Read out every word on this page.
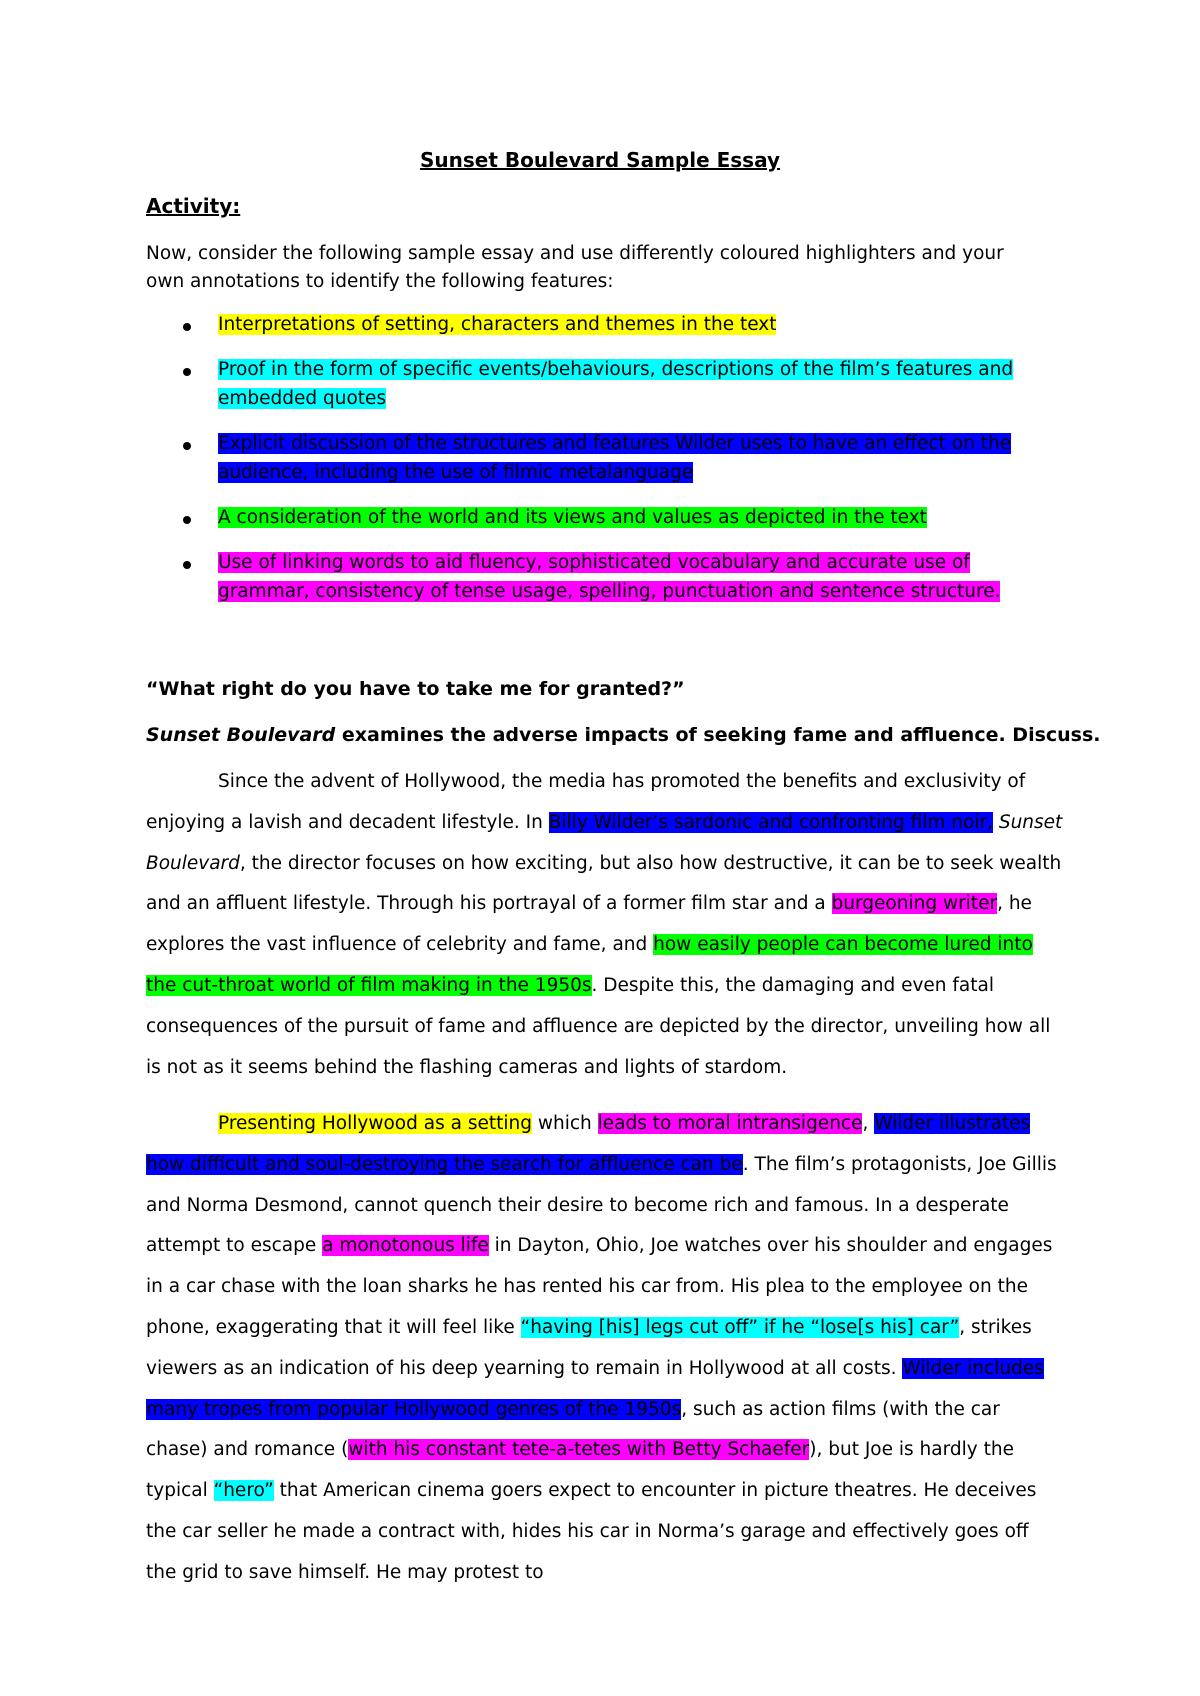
Sunset Boulevard Sample Essay
Activity:
Now, consider the following sample essay and use differently coloured highlighters and your own annotations to identify the following features:
Interpretations of setting, characters and themes in the text
Proof in the form of specific events/behaviours, descriptions of the film’s features and embedded quotes
Explicit discussion of the structures and features Wilder uses to have an effect on the audience, including the use of filmic metalanguage
A consideration of the world and its views and values as depicted in the text
Use of linking words to aid fluency, sophisticated vocabulary and accurate use of grammar, consistency of tense usage, spelling, punctuation and sentence structure.
“What right do you have to take me for granted?”
Sunset Boulevard examines the adverse impacts of seeking fame and affluence. Discuss.

Since the advent of Hollywood, the media has promoted the benefits and exclusivity of enjoying a lavish and decadent lifestyle. In Billy Wilder’s sardonic and confronting film noir, Sunset Boulevard, the director focuses on how exciting, but also how destructive, it can be to seek wealth and an affluent lifestyle. Through his portrayal of a former film star and a burgeoning writer, he explores the vast influence of celebrity and fame, and how easily people can become lured into the cut-throat world of film making in the 1950s. Despite this, the damaging and even fatal consequences of the pursuit of fame and affluence are depicted by the director, unveiling how all is not as it seems behind the flashing cameras and lights of stardom.

Presenting Hollywood as a setting which leads to moral intransigence, Wilder illustrates how difficult and soul-destroying the search for affluence can be. The film’s protagonists, Joe Gillis and Norma Desmond, cannot quench their desire to become rich and famous. In a desperate attempt to escape a monotonous life in Dayton, Ohio, Joe watches over his shoulder and engages in a car chase with the loan sharks he has rented his car from. His plea to the employee on the phone, exaggerating that it will feel like “having [his] legs cut off” if he “lose[s his] car”, strikes viewers as an indication of his deep yearning to remain in Hollywood at all costs. Wilder includes many tropes from popular Hollywood genres of the 1950s, such as action films (with the car chase) and romance (with his constant tete-a-tetes with Betty Schaefer), but Joe is hardly the typical “hero” that American cinema goers expect to encounter in picture theatres. He deceives the car seller he made a contract with, hides his car in Norma’s garage and effectively goes off the grid to save himself. He may protest to
